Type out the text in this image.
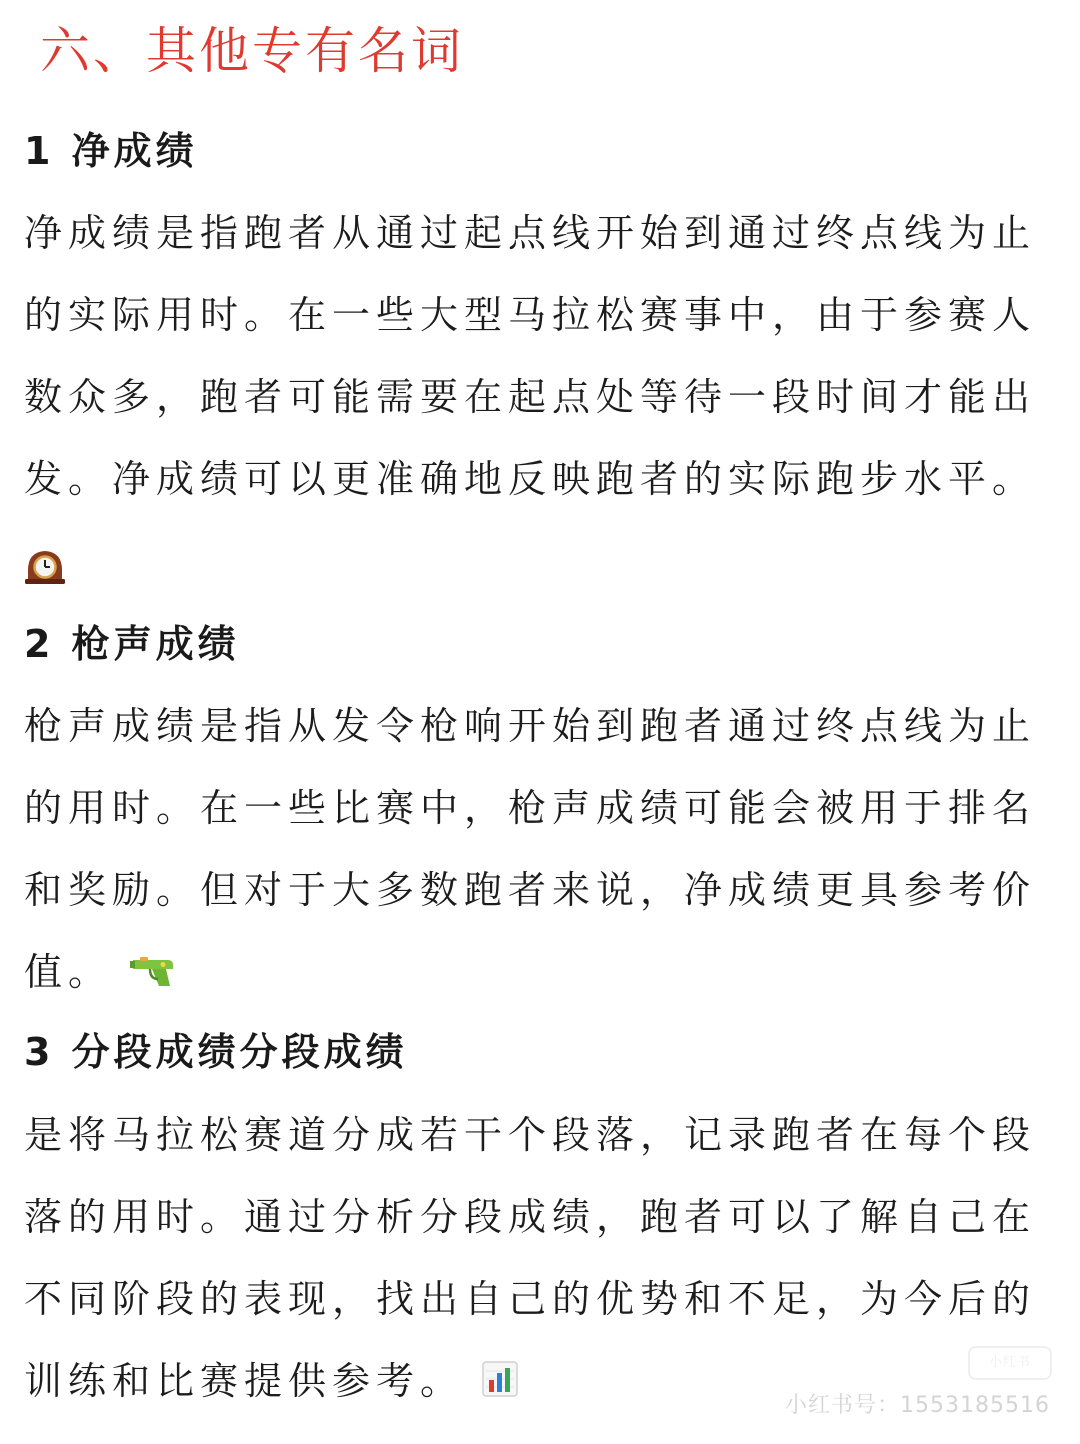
六、其他专有名词
1 净成绩
净成绩是指跑者从通过起点线开始到通过终点线为止
的实际用时。在一些大型马拉松赛事中，由于参赛人
数众多，跑者可能需要在起点处等待一段时间才能出
发。净成绩可以更准确地反映跑者的实际跑步水平。
2 枪声成绩
枪声成绩是指从发令枪响开始到跑者通过终点线为止
的用时。在一些比赛中，枪声成绩可能会被用于排名
和奖励。但对于大多数跑者来说，净成绩更具参考价
值。
3 分段成绩分段成绩
是将马拉松赛道分成若干个段落，记录跑者在每个段
落的用时。通过分析分段成绩，跑者可以了解自己在
不同阶段的表现，找出自己的优势和不足，为今后的
训练和比赛提供参考。	小红书
小红书号：1553185516
